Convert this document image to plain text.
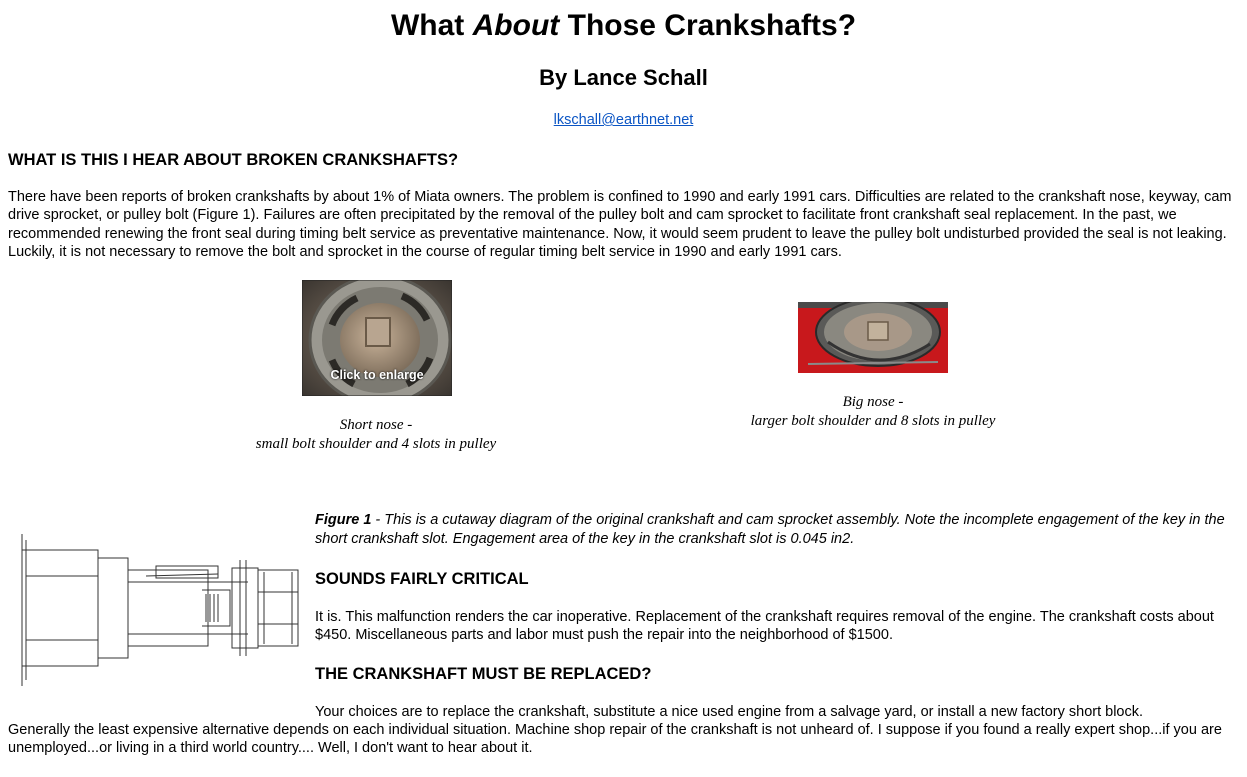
What About Those Crankshafts?
By Lance Schall
lkschall@earthnet.net
WHAT IS THIS I HEAR ABOUT BROKEN CRANKSHAFTS?
There have been reports of broken crankshafts by about 1% of Miata owners. The problem is confined to 1990 and early 1991 cars. Difficulties are related to the crankshaft nose, keyway, cam drive sprocket, or pulley bolt (Figure 1). Failures are often precipitated by the removal of the pulley bolt and cam sprocket to facilitate front crankshaft seal replacement. In the past, we recommended renewing the front seal during timing belt service as preventative maintenance. Now, it would seem prudent to leave the pulley bolt undisturbed provided the seal is not leaking. Luckily, it is not necessary to remove the bolt and sprocket in the course of regular timing belt service in 1990 and early 1991 cars.
Click to enlarge
Short nose -
small bolt shoulder and 4 slots in pulley
Big nose -
larger bolt shoulder and 8 slots in pulley
Figure 1 - This is a cutaway diagram of the original crankshaft and cam sprocket assembly. Note the incomplete engagement of the key in the short crankshaft slot. Engagement area of the key in the crankshaft slot is 0.045 in2.
SOUNDS FAIRLY CRITICAL
It is. This malfunction renders the car inoperative. Replacement of the crankshaft requires removal of the engine. The crankshaft costs about $450. Miscellaneous parts and labor must push the repair into the neighborhood of $1500.
THE CRANKSHAFT MUST BE REPLACED?
Your choices are to replace the crankshaft, substitute a nice used engine from a salvage yard, or install a new factory short block.
Generally the least expensive alternative depends on each individual situation. Machine shop repair of the crankshaft is not unheard of. I suppose if you found a really expert shop...if you are unemployed...or living in a third world country.... Well, I don't want to hear about it.
